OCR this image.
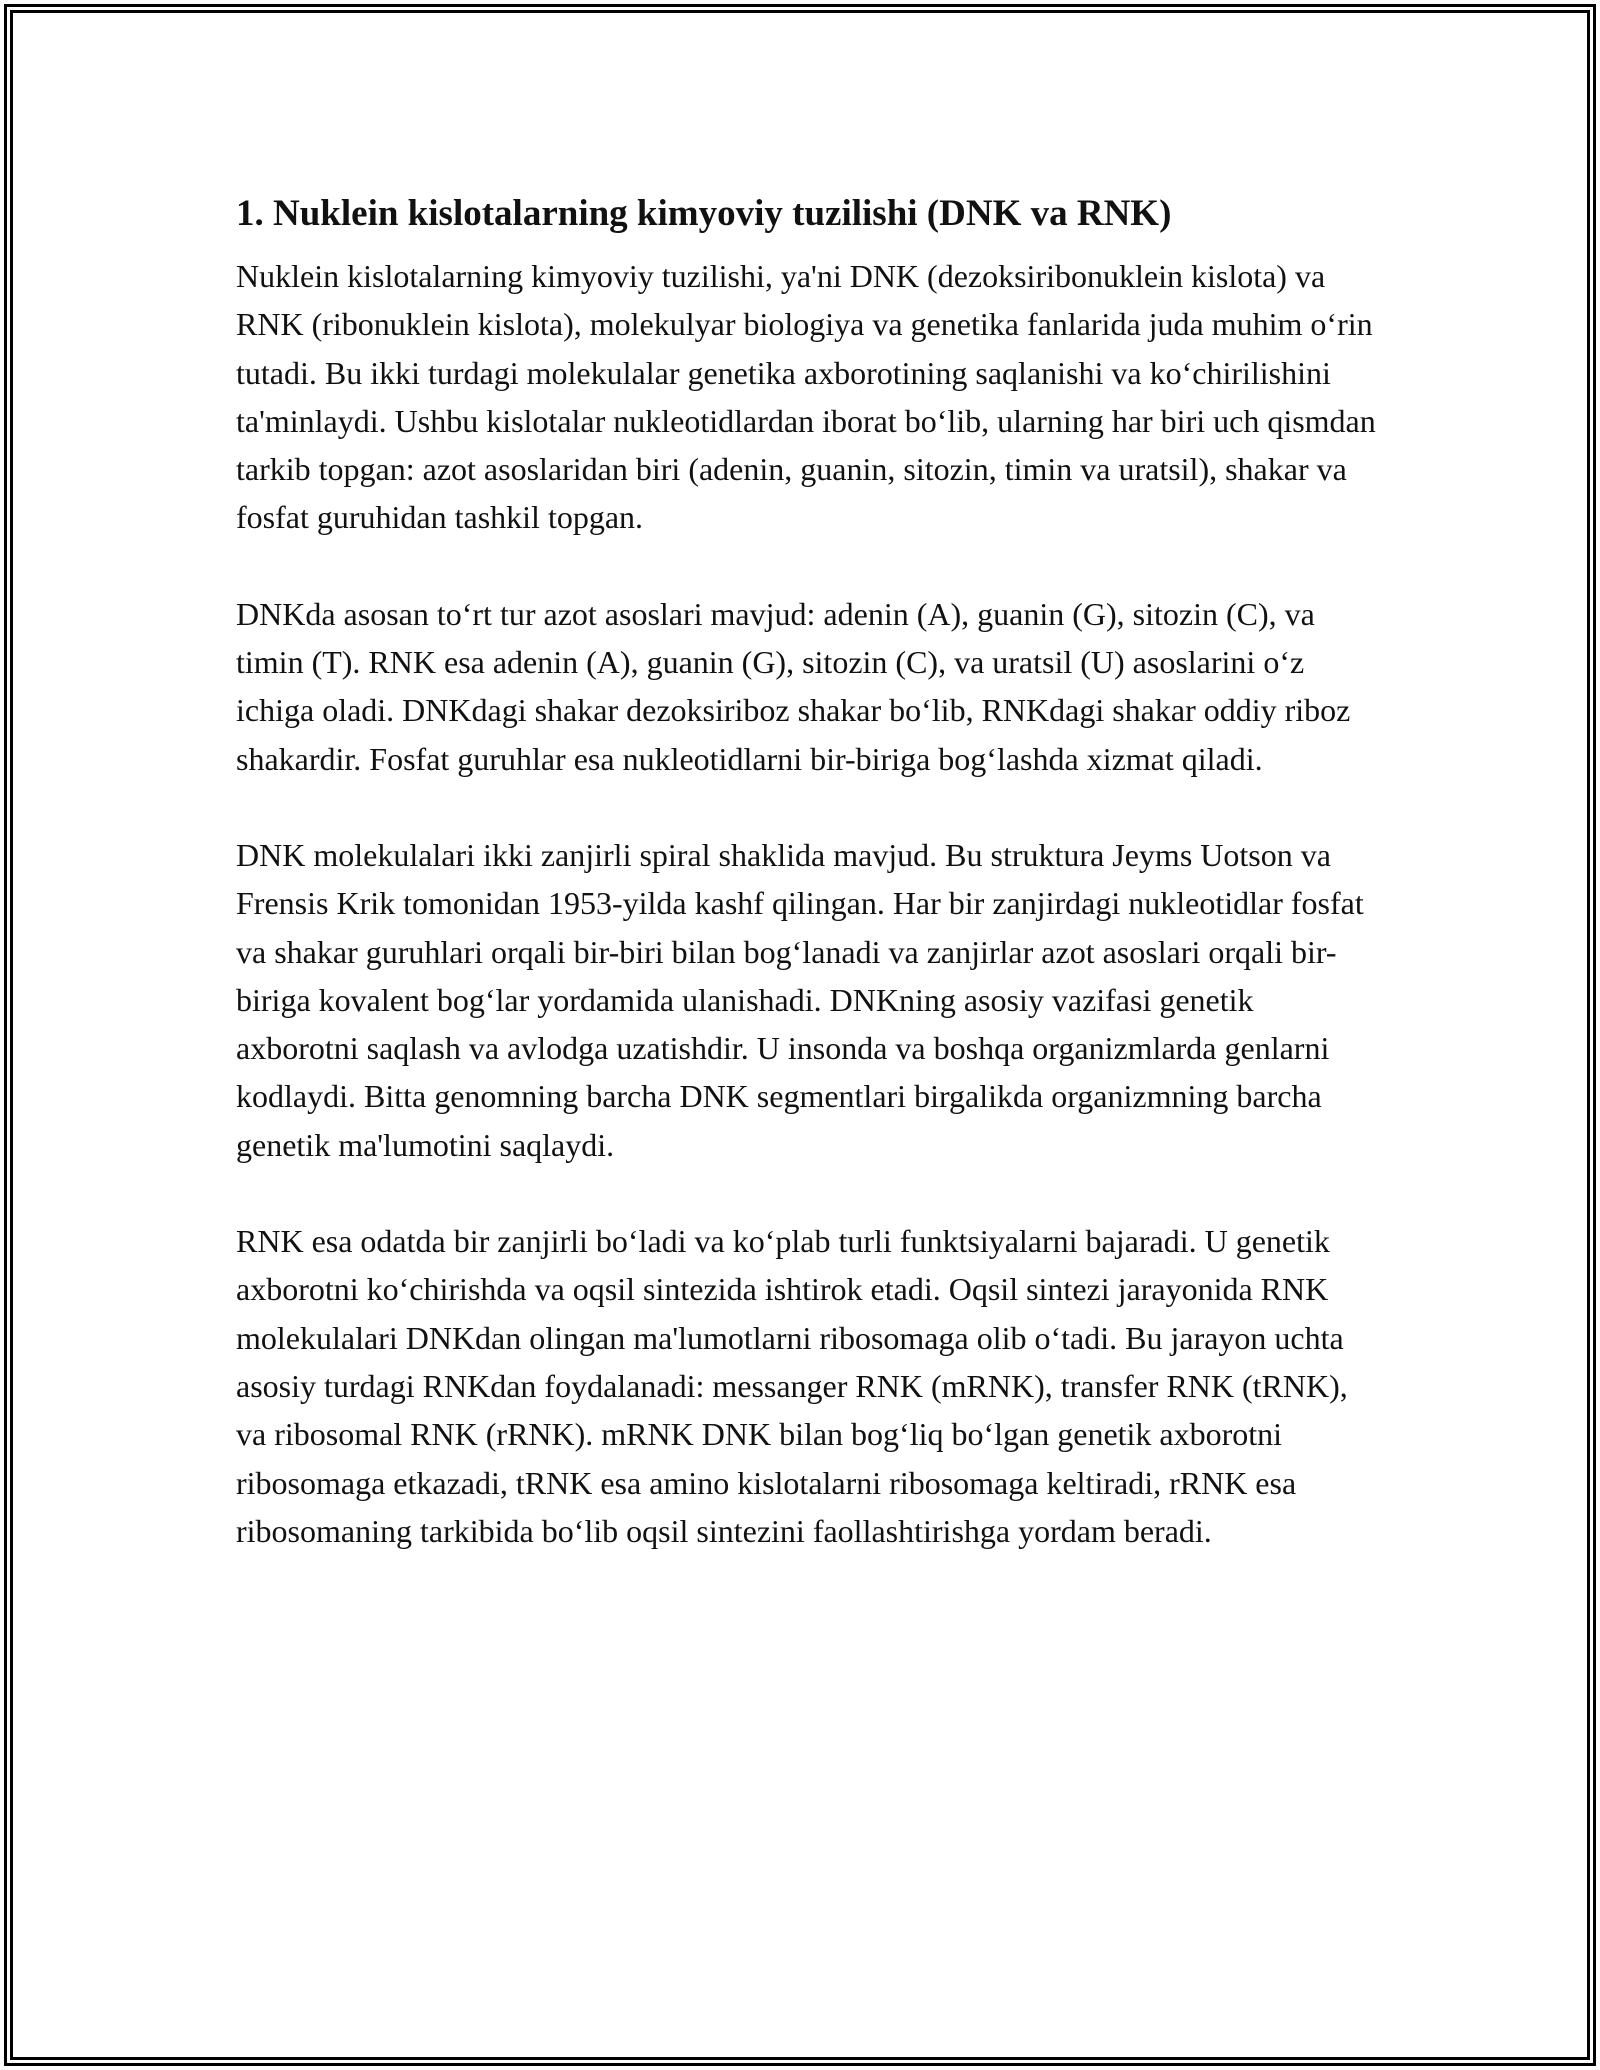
1. Nuklein kislotalarning kimyoviy tuzilishi (DNK va RNK)

Nuklein kislotalarning kimyoviy tuzilishi, ya'ni DNK (dezoksiribonuklein kislota) va RNK (ribonuklein kislota), molekulyar biologiya va genetika fanlarida juda muhim o‘rin tutadi. Bu ikki turdagi molekulalar genetika axborotining saqlanishi va ko‘chirilishini ta'minlaydi. Ushbu kislotalar nukleotidlardan iborat bo‘lib, ularning har biri uch qismdan tarkib topgan: azot asoslaridan biri (adenin, guanin, sitozin, timin va uratsil), shakar va fosfat guruhidan tashkil topgan.

DNKda asosan to‘rt tur azot asoslari mavjud: adenin (A), guanin (G), sitozin (C), va timin (T). RNK esa adenin (A), guanin (G), sitozin (C), va uratsil (U) asoslarini o‘z ichiga oladi. DNKdagi shakar dezoksiriboz shakar bo‘lib, RNKdagi shakar oddiy riboz shakardir. Fosfat guruhlar esa nukleotidlarni bir-biriga bog‘lashda xizmat qiladi.

DNK molekulalari ikki zanjirli spiral shaklida mavjud. Bu struktura Jeyms Uotson va Frensis Krik tomonidan 1953-yilda kashf qilingan. Har bir zanjirdagi nukleotidlar fosfat va shakar guruhlari orqali bir-biri bilan bog‘lanadi va zanjirlar azot asoslari orqali bir-biriga kovalent bog‘lar yordamida ulanishadi. DNKning asosiy vazifasi genetik axborotni saqlash va avlodga uzatishdir. U insonda va boshqa organizmlarda genlarni kodlaydi. Bitta genomning barcha DNK segmentlari birgalikda organizmning barcha genetik ma'lumotini saqlaydi.

RNK esa odatda bir zanjirli bo‘ladi va ko‘plab turli funktsiyalarni bajaradi. U genetik axborotni ko‘chirishda va oqsil sintezida ishtirok etadi. Oqsil sintezi jarayonida RNK molekulalari DNKdan olingan ma'lumotlarni ribosomaga olib o‘tadi. Bu jarayon uchta asosiy turdagi RNKdan foydalanadi: messanger RNK (mRNK), transfer RNK (tRNK), va ribosomal RNK (rRNK). mRNK DNK bilan bog‘liq bo‘lgan genetik axborotni ribosomaga etkazadi, tRNK esa amino kislotalarni ribosomaga keltiradi, rRNK esa ribosomaning tarkibida bo‘lib oqsil sintezini faollashtirishga yordam beradi.
